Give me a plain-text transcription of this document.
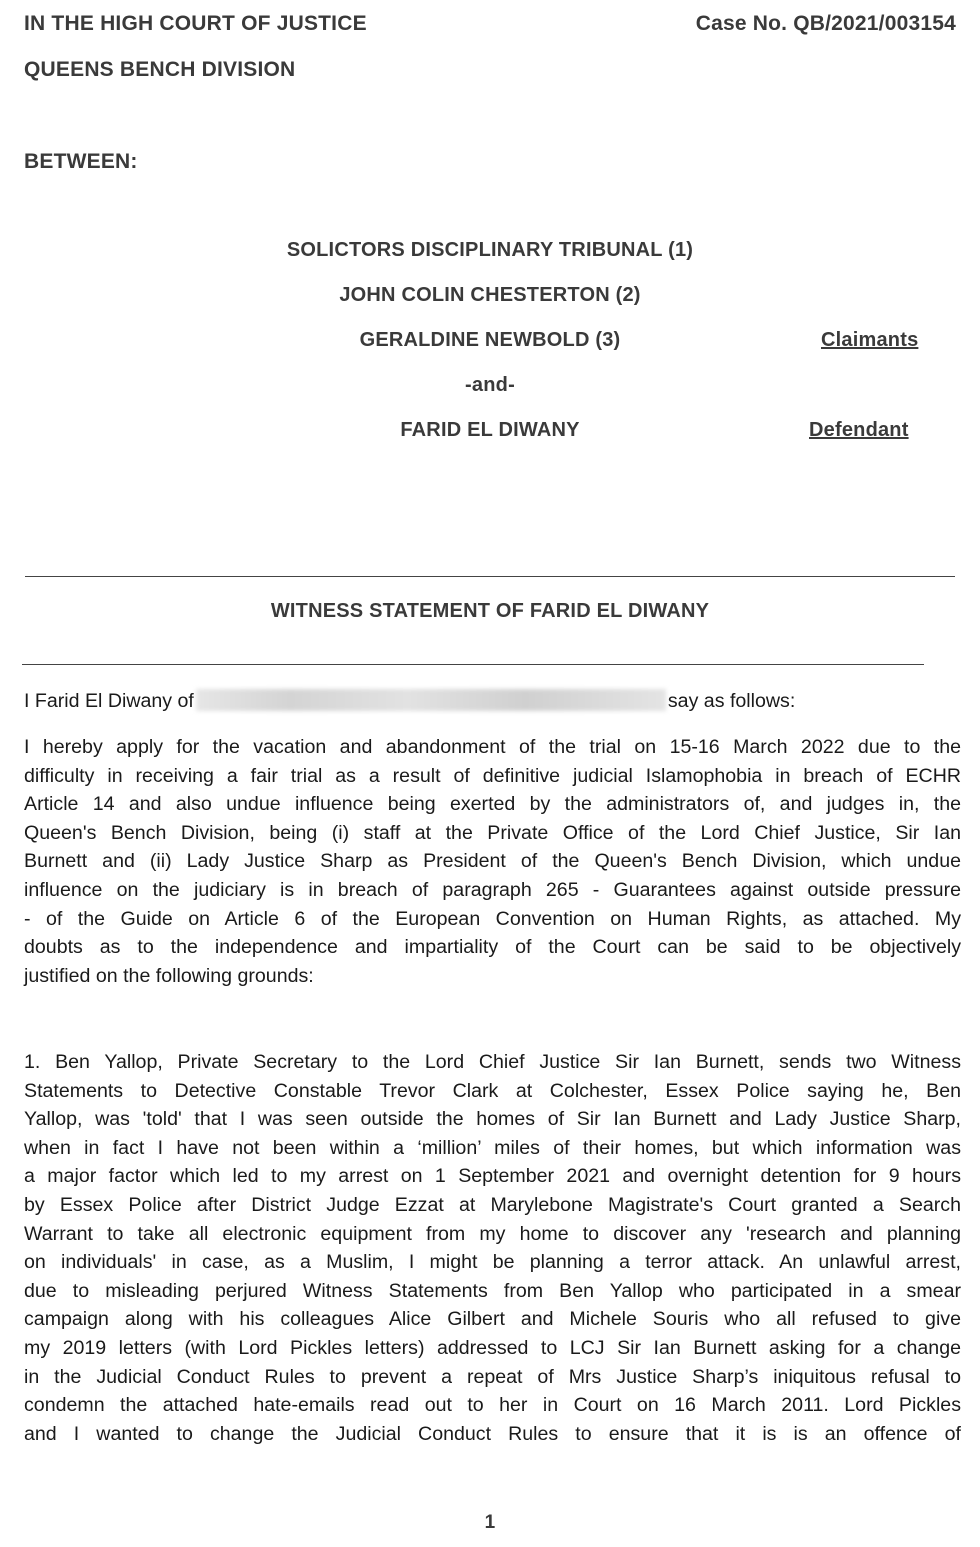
IN THE HIGH COURT OF JUSTICE	Case No. QB/2021/003154
QUEENS BENCH DIVISION
BETWEEN:
SOLICTORS DISCIPLINARY TRIBUNAL (1)
JOHN COLIN CHESTERTON (2)
GERALDINE NEWBOLD (3)	Claimants
-and-
FARID EL DIWANY	Defendant
WITNESS STATEMENT OF FARID EL DIWANY
I Farid El Diwany of	say as follows:
I hereby apply for the vacation and abandonment of the trial on 15-16 March 2022 due to the
difficulty in receiving a fair trial as a result of definitive judicial Islamophobia in breach of ECHR
Article 14 and also undue influence being exerted by the administrators of, and judges in, the
Queen's Bench Division, being (i) staff at the Private Office of the Lord Chief Justice, Sir Ian
Burnett and (ii) Lady Justice Sharp as President of the Queen's Bench Division, which undue
influence on the judiciary is in breach of paragraph 265 - Guarantees against outside pressure
- of the Guide on Article 6 of the European Convention on Human Rights, as attached. My
doubts as to the independence and impartiality of the Court can be said to be objectively
justified on the following grounds:
1. Ben Yallop, Private Secretary to the Lord Chief Justice Sir Ian Burnett, sends two Witness
Statements to Detective Constable Trevor Clark at Colchester, Essex Police saying he, Ben
Yallop, was 'told' that I was seen outside the homes of Sir Ian Burnett and Lady Justice Sharp,
when in fact I have not been within a ‘million’ miles of their homes, but which information was
a major factor which led to my arrest on 1 September 2021 and overnight detention for 9 hours
by Essex Police after District Judge Ezzat at Marylebone Magistrate's Court granted a Search
Warrant to take all electronic equipment from my home to discover any 'research and planning
on individuals' in case, as a Muslim, I might be planning a terror attack. An unlawful arrest,
due to misleading perjured Witness Statements from Ben Yallop who participated in a smear
campaign along with his colleagues Alice Gilbert and Michele Souris who all refused to give
my 2019 letters (with Lord Pickles letters) addressed to LCJ Sir Ian Burnett asking for a change
in the Judicial Conduct Rules to prevent a repeat of Mrs Justice Sharp’s iniquitous refusal to
condemn the attached hate-emails read out to her in Court on 16 March 2011. Lord Pickles
and I wanted to change the Judicial Conduct Rules to ensure that it is is an offence of
1
